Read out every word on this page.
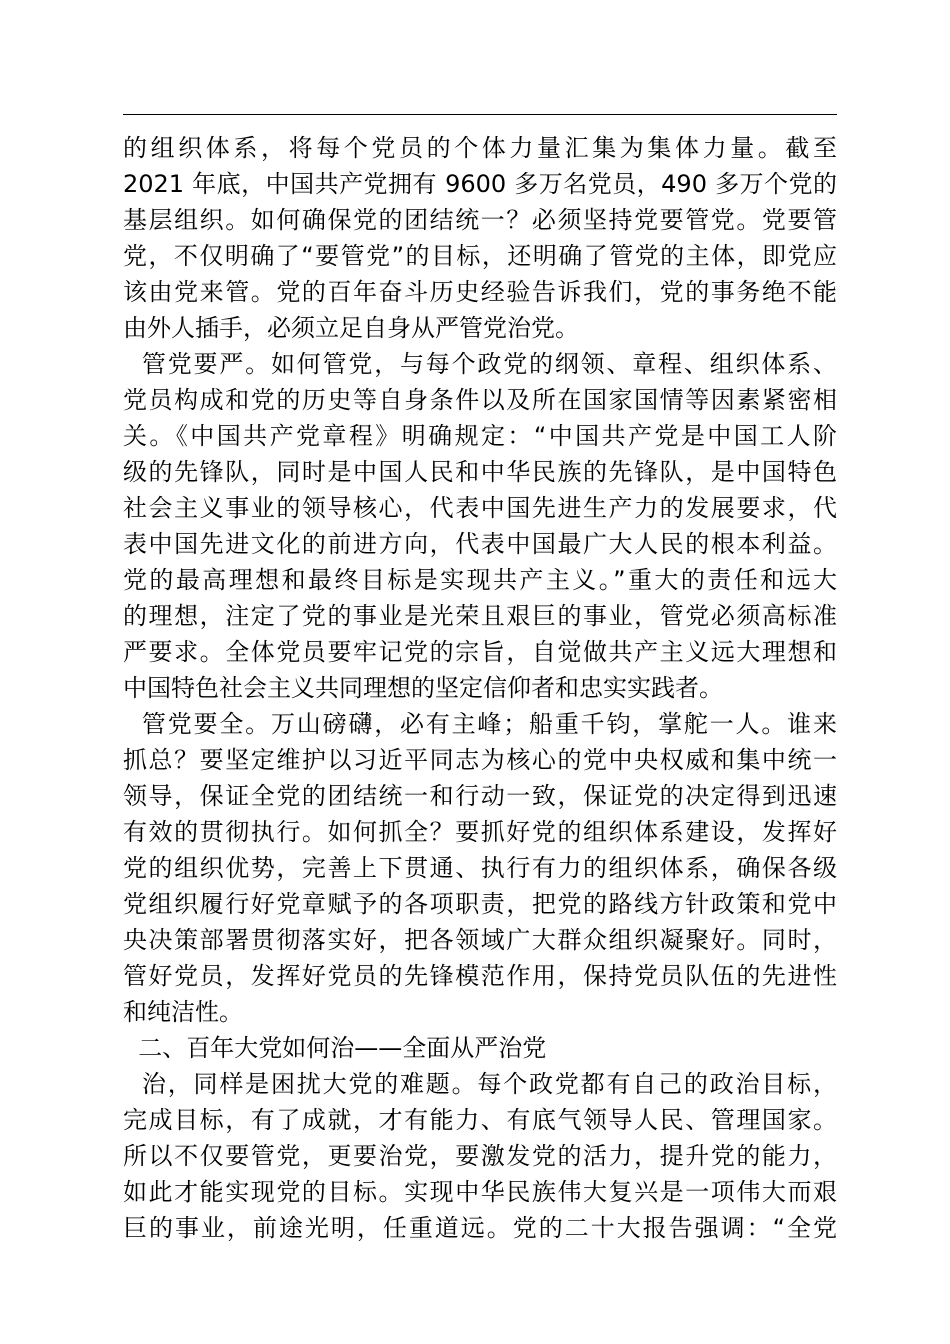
的组织体系，将每个党员的个体力量汇集为集体力量。截至
2021 年底，中国共产党拥有 9600 多万名党员，490 多万个党的
基层组织。如何确保党的团结统一？必须坚持党要管党。党要管
党，不仅明确了“要管党”的目标，还明确了管党的主体，即党应
该由党来管。党的百年奋斗历史经验告诉我们，党的事务绝不能
由外人插手，必须立足自身从严管党治党。
管党要严。如何管党，与每个政党的纲领、章程、组织体系、
党员构成和党的历史等自身条件以及所在国家国情等因素紧密相
关。《中国共产党章程》明确规定：“中国共产党是中国工人阶
级的先锋队，同时是中国人民和中华民族的先锋队，是中国特色
社会主义事业的领导核心，代表中国先进生产力的发展要求，代
表中国先进文化的前进方向，代表中国最广大人民的根本利益。
党的最高理想和最终目标是实现共产主义。”重大的责任和远大
的理想，注定了党的事业是光荣且艰巨的事业，管党必须高标准
严要求。全体党员要牢记党的宗旨，自觉做共产主义远大理想和
中国特色社会主义共同理想的坚定信仰者和忠实实践者。
管党要全。万山磅礴，必有主峰；船重千钧，掌舵一人。谁来
抓总？要坚定维护以习近平同志为核心的党中央权威和集中统一
领导，保证全党的团结统一和行动一致，保证党的决定得到迅速
有效的贯彻执行。如何抓全？要抓好党的组织体系建设，发挥好
党的组织优势，完善上下贯通、执行有力的组织体系，确保各级
党组织履行好党章赋予的各项职责，把党的路线方针政策和党中
央决策部署贯彻落实好，把各领域广大群众组织凝聚好。同时，
管好党员，发挥好党员的先锋模范作用，保持党员队伍的先进性
和纯洁性。
二、百年大党如何治——全面从严治党
治，同样是困扰大党的难题。每个政党都有自己的政治目标，
完成目标，有了成就，才有能力、有底气领导人民、管理国家。
所以不仅要管党，更要治党，要激发党的活力，提升党的能力，
如此才能实现党的目标。实现中华民族伟大复兴是一项伟大而艰
巨的事业，前途光明，任重道远。党的二十大报告强调：“全党
